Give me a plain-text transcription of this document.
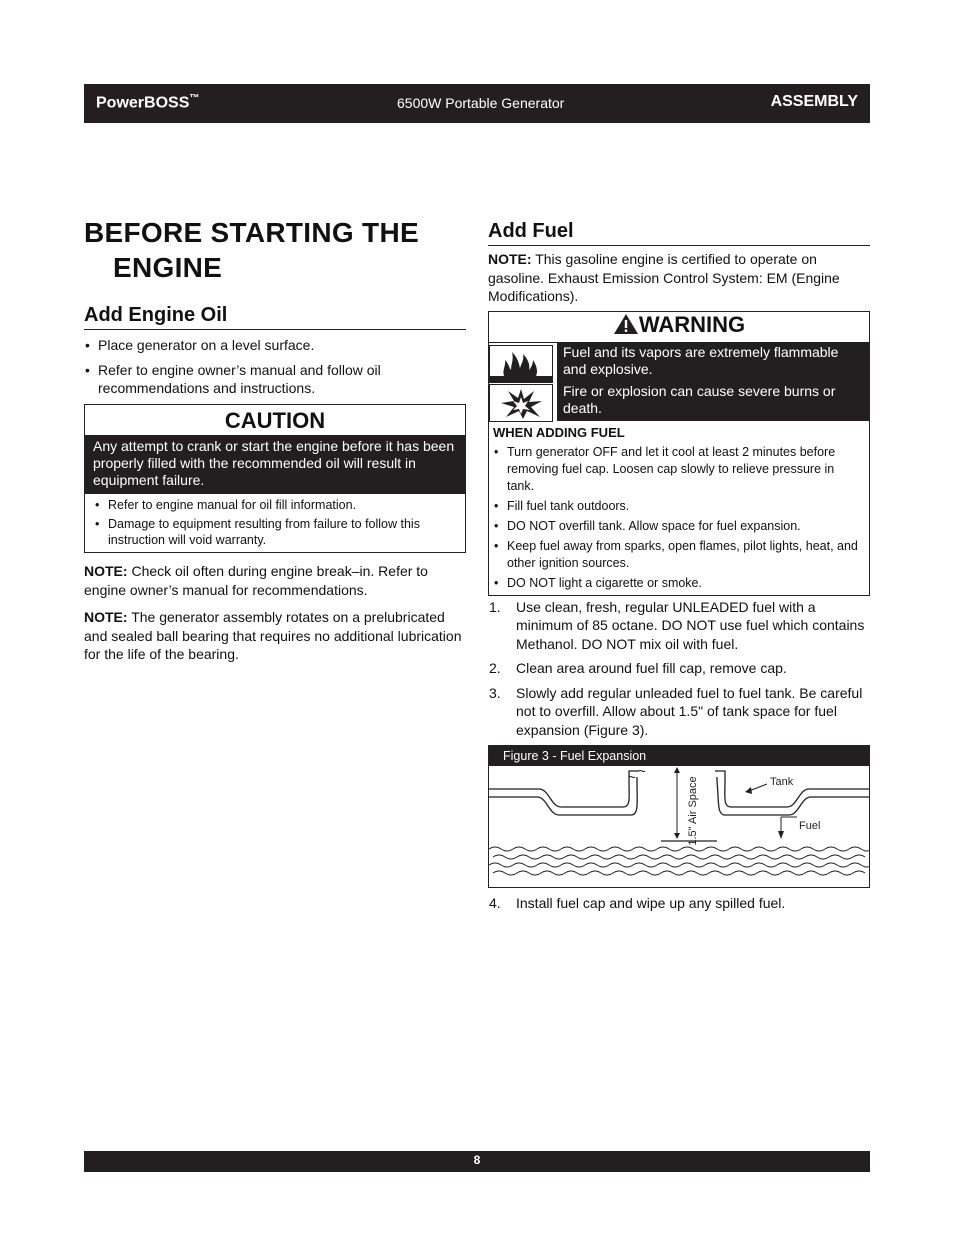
PowerBOSS™	6500W Portable Generator	ASSEMBLY
BEFORE STARTING THE
ENGINE
Add Engine Oil
• Place generator on a level surface.
• Refer to engine owner’s manual and follow oil recommendations and instructions.
CAUTION
Any attempt to crank or start the engine before it has been properly filled with the recommended oil will result in equipment failure.
• Refer to engine manual for oil fill information.
• Damage to equipment resulting from failure to follow this instruction will void warranty.

NOTE: Check oil often during engine break–in. Refer to engine owner’s manual for recommendations.

NOTE: The generator assembly rotates on a prelubricated and sealed ball bearing that requires no additional lubrication for the life of the bearing.

Add Fuel

NOTE: This gasoline engine is certified to operate on gasoline. Exhaust Emission Control System: EM (Engine Modifications).

WARNING
Fuel and its vapors are extremely flammable and explosive.
Fire or explosion can cause severe burns or death.
WHEN ADDING FUEL
• Turn generator OFF and let it cool at least 2 minutes before removing fuel cap. Loosen cap slowly to relieve pressure in tank.
• Fill fuel tank outdoors.
• DO NOT overfill tank. Allow space for fuel expansion.
• Keep fuel away from sparks, open flames, pilot lights, heat, and other ignition sources.
• DO NOT light a cigarette or smoke.
1. Use clean, fresh, regular UNLEADED fuel with a minimum of 85 octane. DO NOT use fuel which contains Methanol. DO NOT mix oil with fuel.
2. Clean area around fuel fill cap, remove cap.
3. Slowly add regular unleaded fuel to fuel tank. Be careful not to overfill. Allow about 1.5" of tank space for fuel expansion (Figure 3).
Figure 3 - Fuel Expansion
1.5" Air Space	Tank
Fuel
4. Install fuel cap and wipe up any spilled fuel.
8
